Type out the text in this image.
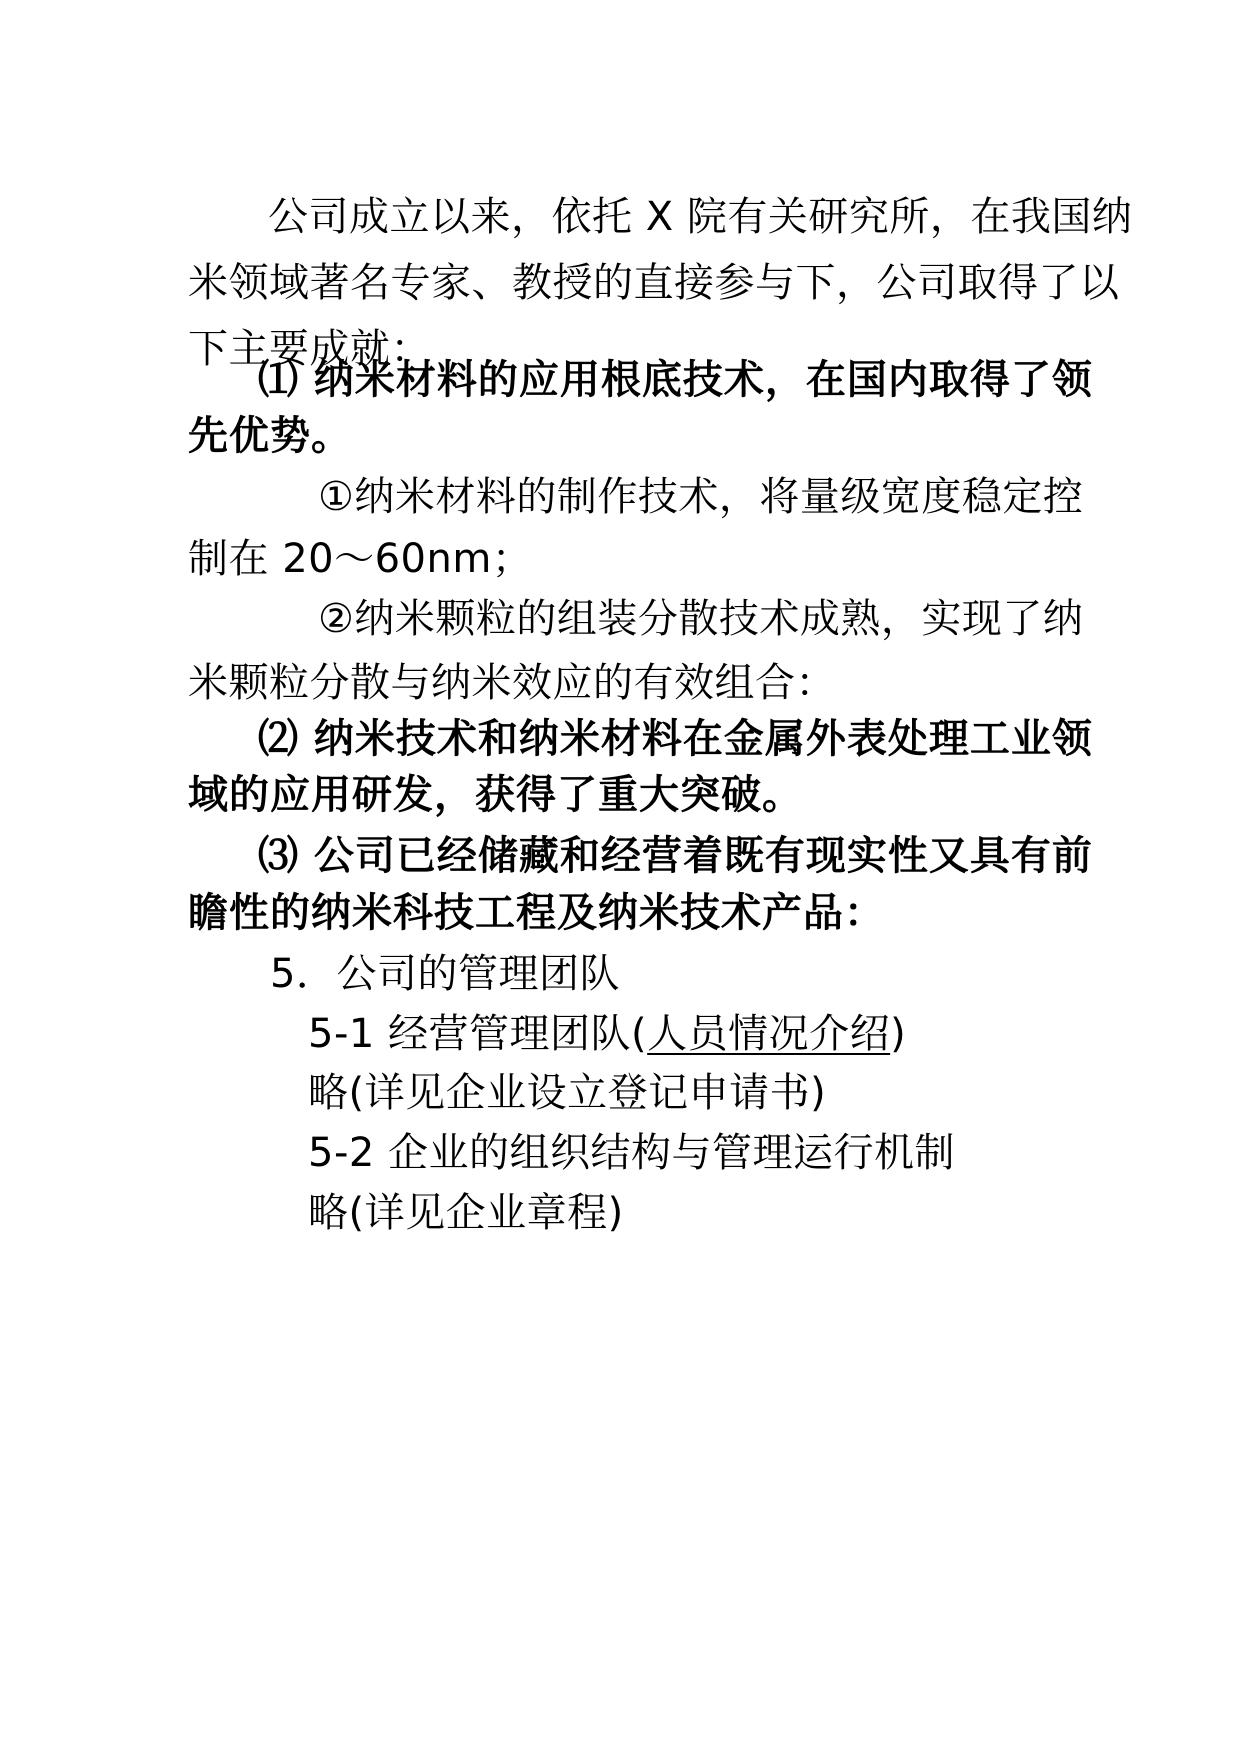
公司成立以来，依托 X 院有关研究所，在我国纳
米领域著名专家、教授的直接参与下，公司取得了以
下主要成就：
⑴ 纳米材料的应用根底技术，在国内取得了领
先优势。
①纳米材料的制作技术，将量级宽度稳定控
制在 20～60nm；
②纳米颗粒的组装分散技术成熟，实现了纳
米颗粒分散与纳米效应的有效组合：
⑵ 纳米技术和纳米材料在金属外表处理工业领
域的应用研发，获得了重大突破。
⑶ 公司已经储藏和经营着既有现实性又具有前
瞻性的纳米科技工程及纳米技术产品：
5．公司的管理团队
5-1 经营管理团队(人员情况介绍)
略(详见企业设立登记申请书)
5-2 企业的组织结构与管理运行机制
略(详见企业章程)
